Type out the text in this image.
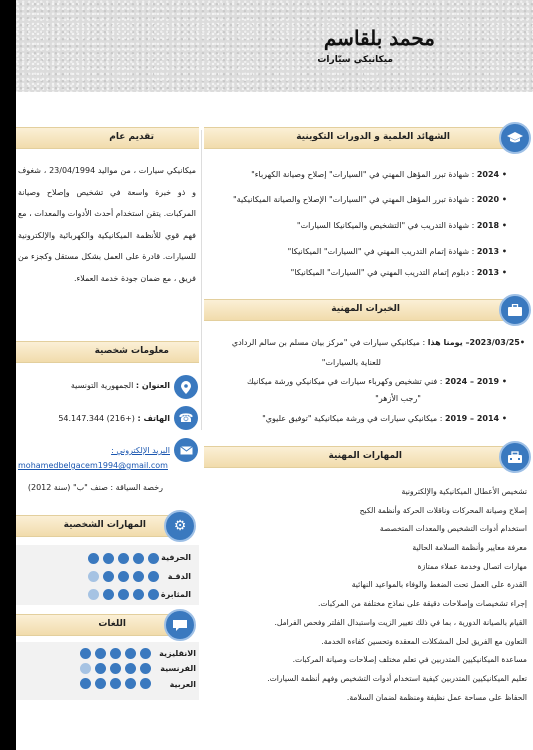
محمد بلقاسم
ميكانيكي سيّارات
الشهائد العلمية و الدورات التكوينية
• 2024 : شهادة تبرر المؤهل المهني في "السيارات" إصلاح وصيانة الكهرباء"
• 2020 : شهادة تبرر المؤهل المهني في "السيارات" الإصلاح والصيانة الميكانيكية"
• 2018 : شهادة التدريب في "التشخيص والميكانيكا السيارات"
• 2013 : شهادة إتمام التدريب المهني في "السيارات" الميكانيكا"
• 2013 : دبلوم إتمام التدريب المهني في "السيارات" الميكانيكا"
الخبرات المهنية
•2023/03/25– يومنا هذا : ميكانيكي سيارات في "مركز بيان مسلم بن سالم الردادي
للعناية بالسيارات"
• 2019 – 2024 : فني تشخيص وكهرباء سيارات في ميكانيكي ورشة ميكانيك
"رجب الأزهر"
• 2014 – 2019 : ميكانيكي سيارات في ورشة ميكانيكية "توفيق عليوي"
المهارات المهنية
تشخيص الأعطال الميكانيكية والإلكترونية
إصلاح وصيانة المحركات وناقلات الحركة وأنظمة الكبح
استخدام أدوات التشخيص والمعدات المتخصصة
معرفة معايير وأنظمة السلامة الحالية
مهارات اتصال وخدمة عملاء ممتازة
القدرة على العمل تحت الضغط والوفاء بالمواعيد النهائية
إجراء تشخيصات وإصلاحات دقيقة على نماذج مختلفة من المركبات.
القيام بالصيانة الدورية ، بما في ذلك تغيير الزيت واستبدال الفلتر وفحص الفرامل.
التعاون مع الفريق لحل المشكلات المعقدة وتحسين كفاءة الخدمة.
مساعدة الميكانيكيين المتدربين في تعلم مختلف إصلاحات وصيانة المركبات.
تعليم الميكانيكيين المتدربين كيفية استخدام أدوات التشخيص وفهم أنظمة السيارات.
الحفاظ على مساحة عمل نظيفة ومنظمة لضمان السلامة.
تقديم عام
ميكانيكي سيارات ، من مواليد 23/04/1994 ، شغوف و ذو خبرة واسعة في تشخيص وإصلاح وصيانة المركبات. يتقن استخدام أحدث الأدوات والمعدات ، مع فهم قوي للأنظمة الميكانيكية والكهربائية والإلكترونية للسيارات. قادرة على العمل بشكل مستقل وكجزء من فريق ، مع ضمان جودة خدمة العملاء.
معلومات شخصية
العنوان : الجمهورية التونسية
☎
الهاتف : (+216) 54.147.344
البريد الإلكتروني :
mohamedbelgacem1994@gmail.com
رخصة السياقة : صنف "ب" (سنة 2012)
المهارات الشخصية	⚙
الحرفية
الدقـة
المثابرة
اللغات
الانقليزية
الفرنسية
العربية
